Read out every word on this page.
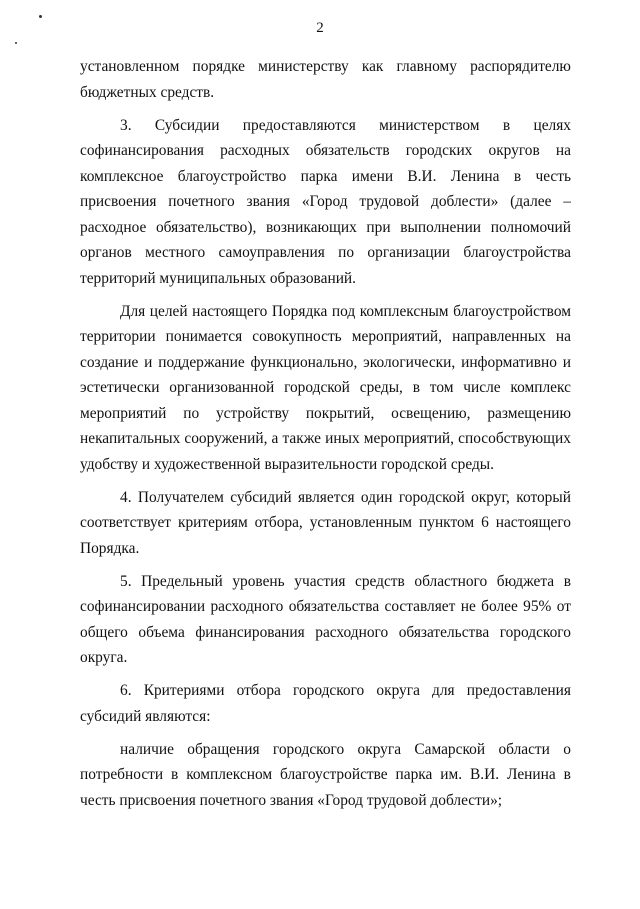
2
установленном порядке министерству как главному распорядителю
бюджетных средств.
3. Субсидии предоставляются министерством в целях
софинансирования расходных обязательств городских округов на
комплексное благоустройство парка имени В.И. Ленина в честь
присвоения почетного звания «Город трудовой доблести» (далее –
расходное обязательство), возникающих при выполнении полномочий
органов местного самоуправления по организации благоустройства
территорий муниципальных образований.
Для целей настоящего Порядка под комплексным благоустройством
территории понимается совокупность мероприятий, направленных на
создание и поддержание функционально, экологически, информативно и
эстетически организованной городской среды, в том числе комплекс
мероприятий по устройству покрытий, освещению, размещению
некапитальных сооружений, а также иных мероприятий, способствующих
удобству и художественной выразительности городской среды.
4. Получателем субсидий является один городской округ, который
соответствует критериям отбора, установленным пунктом 6 настоящего
Порядка.
5. Предельный уровень участия средств областного бюджета в
софинансировании расходного обязательства составляет не более 95% от
общего объема финансирования расходного обязательства городского
округа.
6. Критериями отбора городского округа для предоставления
субсидий являются:
наличие обращения городского округа Самарской области о
потребности в комплексном благоустройстве парка им. В.И. Ленина в
честь присвоения почетного звания «Город трудовой доблести»;
